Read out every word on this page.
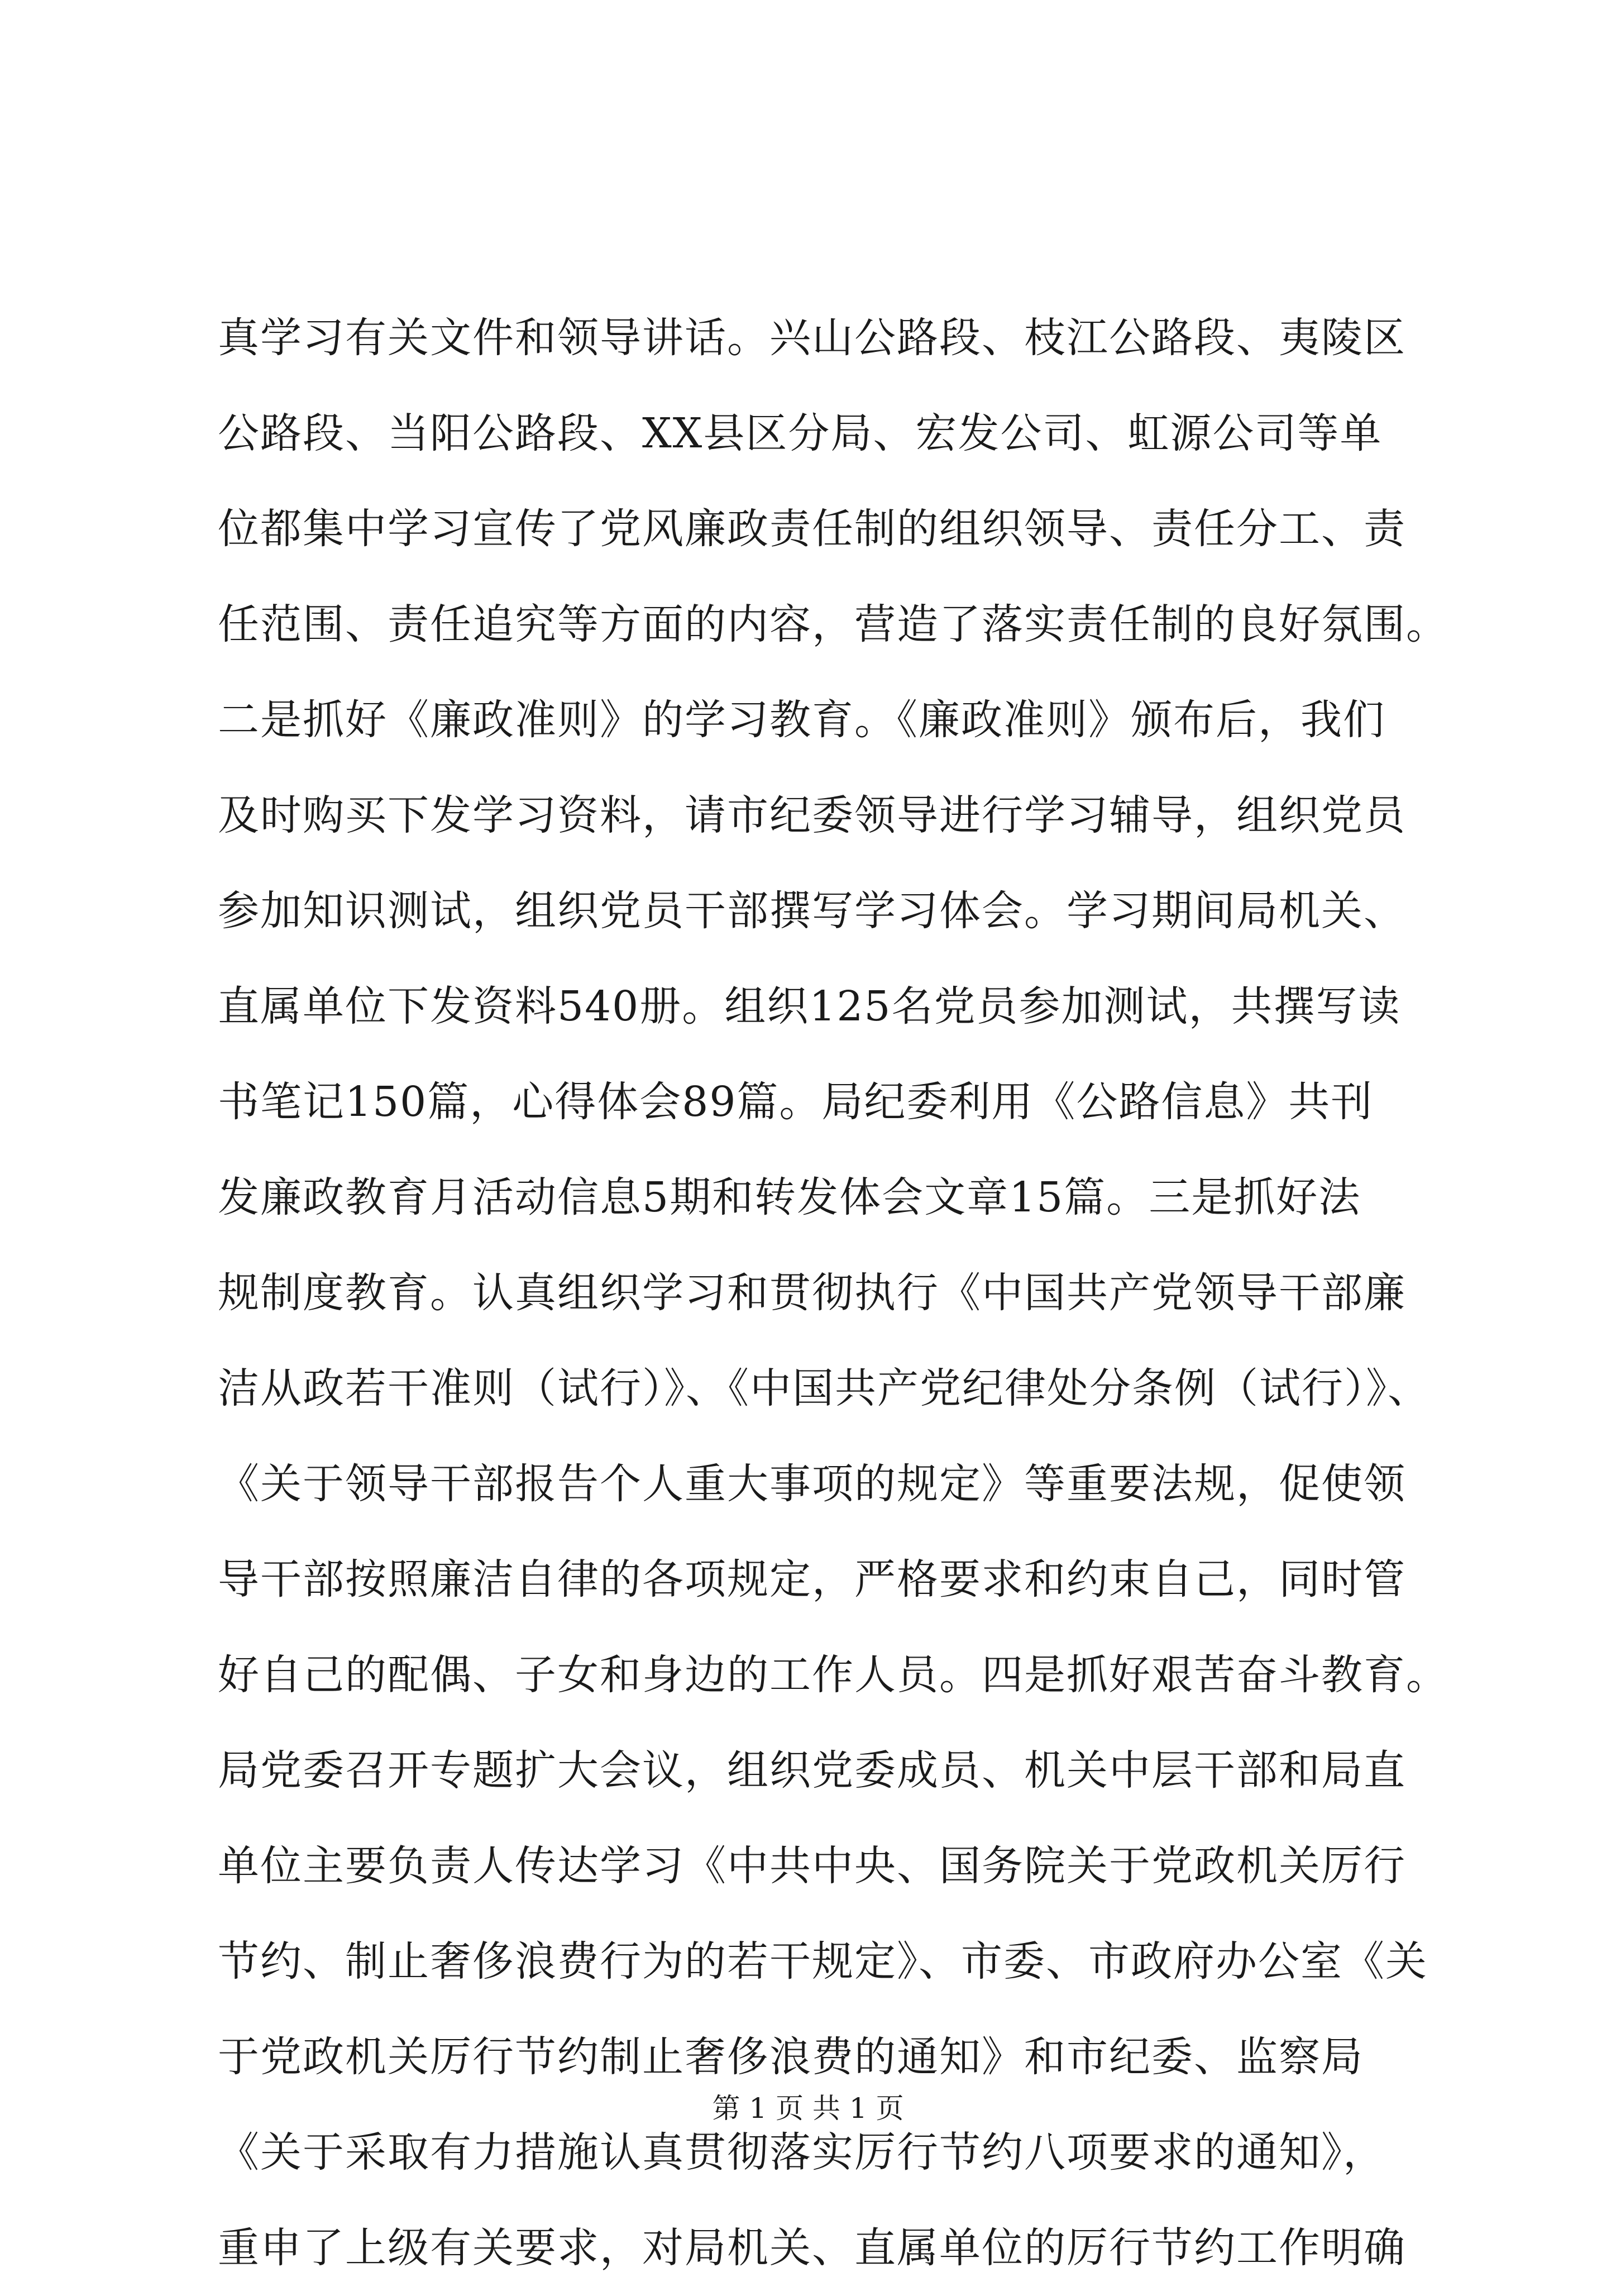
真学习有关文件和领导讲话。兴山公路段、枝江公路段、夷陵区
公路段、当阳公路段、XX县区分局、宏发公司、虹源公司等单
位都集中学习宣传了党风廉政责任制的组织领导、责任分工、责
任范围、责任追究等方面的内容，营造了落实责任制的良好氛围。
二是抓好《廉政准则》的学习教育。《廉政准则》颁布后，我们
及时购买下发学习资料，请市纪委领导进行学习辅导，组织党员
参加知识测试，组织党员干部撰写学习体会。学习期间局机关、
直属单位下发资料540册。组织125名党员参加测试，共撰写读
书笔记150篇，心得体会89篇。局纪委利用《公路信息》共刊
发廉政教育月活动信息5期和转发体会文章15篇。三是抓好法
规制度教育。认真组织学习和贯彻执行《中国共产党领导干部廉
洁从政若干准则（试行）》、《中国共产党纪律处分条例（试行）》、
《关于领导干部报告个人重大事项的规定》等重要法规，促使领
导干部按照廉洁自律的各项规定，严格要求和约束自己，同时管
好自己的配偶、子女和身边的工作人员。四是抓好艰苦奋斗教育。
局党委召开专题扩大会议，组织党委成员、机关中层干部和局直
单位主要负责人传达学习《中共中央、国务院关于党政机关厉行
节约、制止奢侈浪费行为的若干规定》、市委、市政府办公室《关
于党政机关厉行节约制止奢侈浪费的通知》和市纪委、监察局
《关于采取有力措施认真贯彻落实厉行节约八项要求的通知》，
重申了上级有关要求，对局机关、直属单位的厉行节约工作明确
第 1 页 共 1 页
